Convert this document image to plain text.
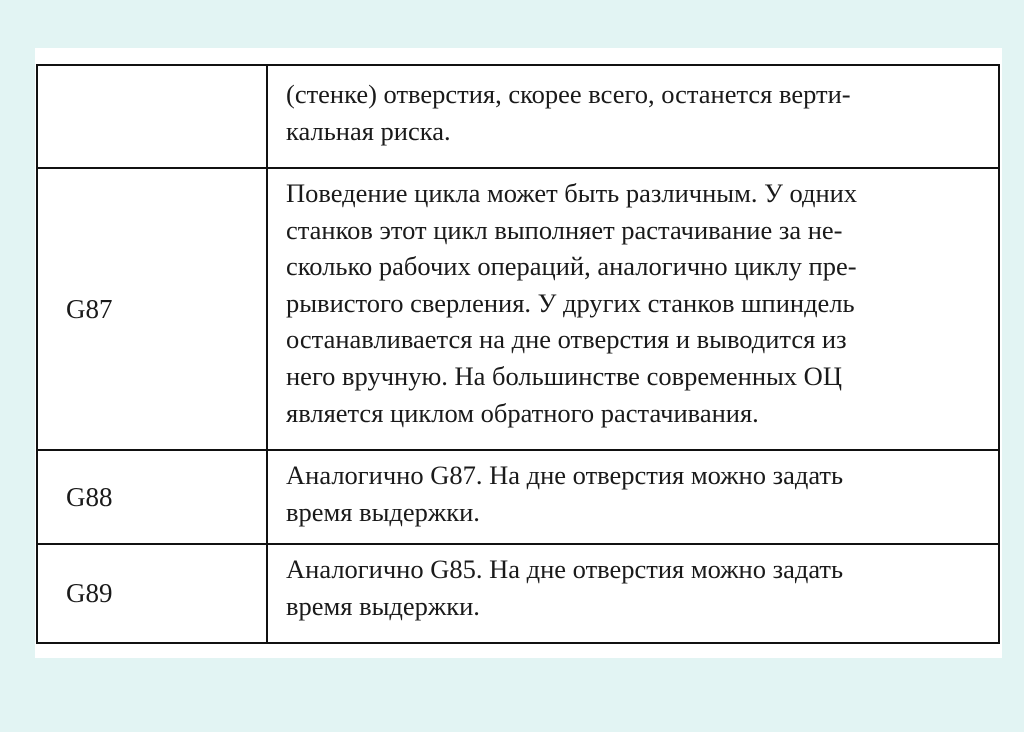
(стенке) отверстия, скорее всего, останется верти-
кальная риска.
G87
Поведение цикла может быть различным. У одних
станков этот цикл выполняет растачивание за не-
сколько рабочих операций, аналогично циклу пре-
рывистого сверления. У других станков шпиндель
останавливается на дне отверстия и выводится из
него вручную. На большинстве современных ОЦ
является циклом обратного растачивания.
G88
Аналогично G87. На дне отверстия можно задать
время выдержки.
G89
Аналогично G85. На дне отверстия можно задать
время выдержки.
